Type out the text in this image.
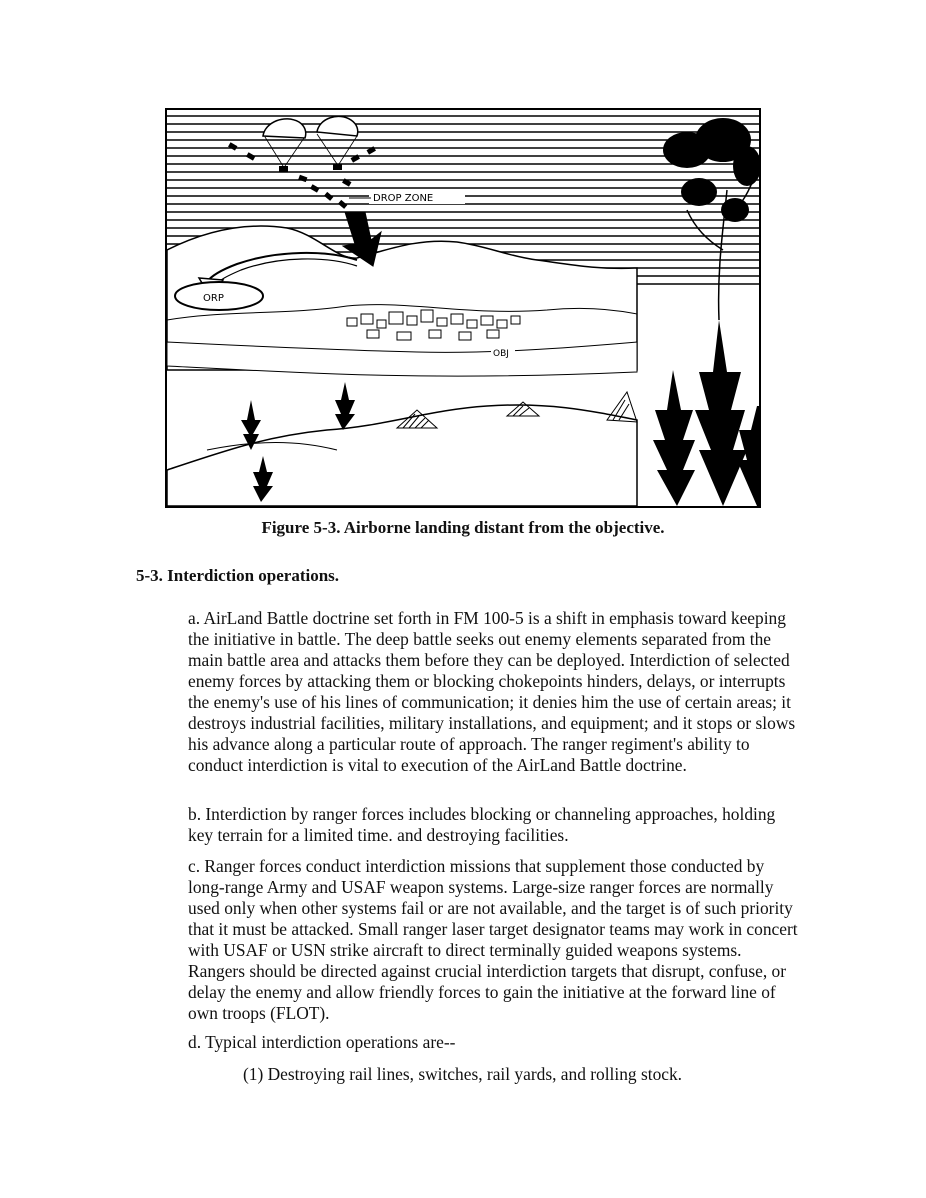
DROP ZONE
ORP
OBJ
Figure 5-3. Airborne landing distant from the objective.
5-3. Interdiction operations.

a. AirLand Battle doctrine set forth in FM 100-5 is a shift in emphasis toward keeping the initiative in battle. The deep battle seeks out enemy elements separated from the main battle area and attacks them before they can be deployed. Interdiction of selected enemy forces by attacking them or blocking chokepoints hinders, delays, or interrupts the enemy's use of his lines of communication; it denies him the use of certain areas; it destroys industrial facilities, military installations, and equipment; and it stops or slows his advance along a particular route of approach. The ranger regiment's ability to conduct interdiction is vital to execution of the AirLand Battle doctrine.

b. Interdiction by ranger forces includes blocking or channeling approaches, holding key terrain for a limited time. and destroying facilities.

c. Ranger forces conduct interdiction missions that supplement those conducted by long-range Army and USAF weapon systems. Large-size ranger forces are normally used only when other systems fail or are not available, and the target is of such priority that it must be attacked. Small ranger laser target designator teams may work in concert with USAF or USN strike aircraft to direct terminally guided weapons systems. Rangers should be directed against crucial interdiction targets that disrupt, confuse, or delay the enemy and allow friendly forces to gain the initiative at the forward line of own troops (FLOT).

d. Typical interdiction operations are--

(1) Destroying rail lines, switches, rail yards, and rolling stock.
